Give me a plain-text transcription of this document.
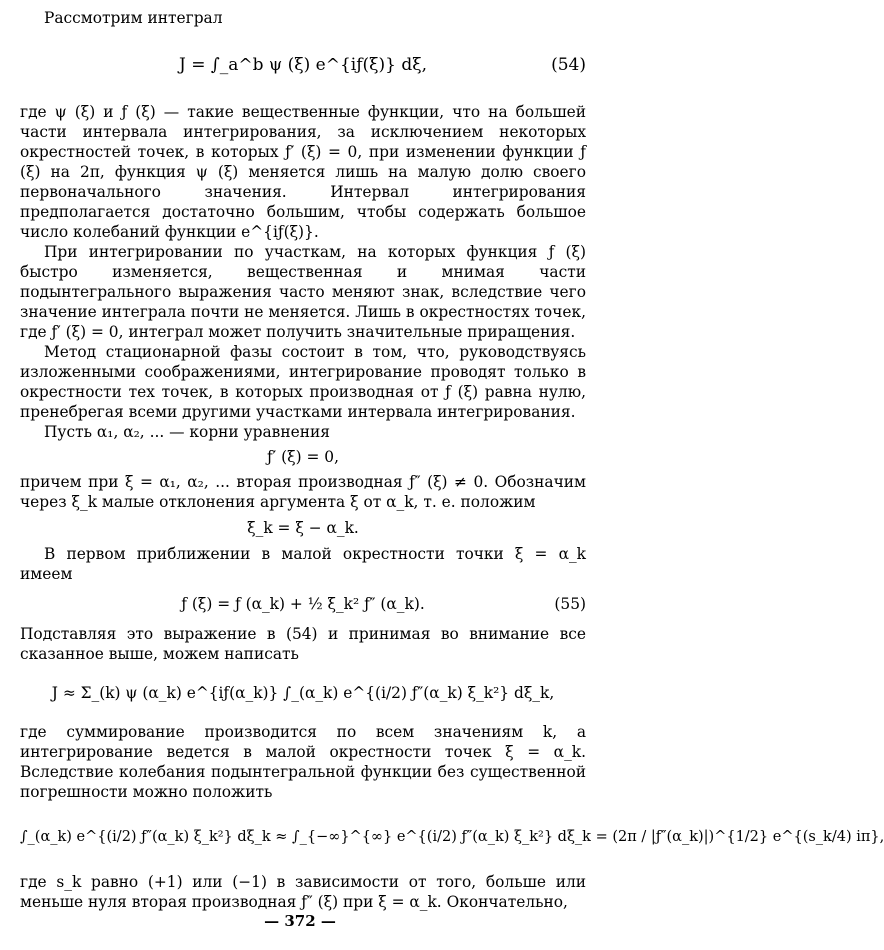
Рассмотрим интеграл

J = ∫_a^b ψ (ξ) e^{iƒ(ξ)} dξ,	(54)

где ψ (ξ) и ƒ (ξ) — такие вещественные функции, что на большей части интервала интегрирования, за исключением некоторых окрестностей точек, в которых ƒ′ (ξ) = 0, при изменении функции ƒ (ξ) на 2π, функция ψ (ξ) меняется лишь на малую долю своего первоначального значения. Интервал интегрирования предполагается достаточно большим, чтобы содержать большое число колебаний функции e^{iƒ(ξ)}.

При интегрировании по участкам, на которых функция ƒ (ξ) быстро изменяется, вещественная и мнимая части подынтегрального выражения часто меняют знак, вследствие чего значение интеграла почти не меняется. Лишь в окрестностях точек, где ƒ′ (ξ) = 0, интеграл может получить значительные приращения.

Метод стационарной фазы состоит в том, что, руководствуясь изложенными соображениями, интегрирование проводят только в окрестности тех точек, в которых производная от ƒ (ξ) равна нулю, пренебрегая всеми другими участками интервала интегрирования.

Пусть α₁, α₂, ... — корни уравнения

ƒ′ (ξ) = 0,

причем при ξ = α₁, α₂, ... вторая производная ƒ″ (ξ) ≠ 0. Обозначим через ξ_k малые отклонения аргумента ξ от α_k, т. е. положим

ξ_k = ξ − α_k.

В первом приближении в малой окрестности точки ξ = α_k имеем

ƒ (ξ) = ƒ (α_k) + ½ ξ_k² ƒ″ (α_k).	(55)

Подставляя это выражение в (54) и принимая во внимание все сказанное выше, можем написать

J ≈ Σ_(k) ψ (α_k) e^{iƒ(α_k)} ∫_(α_k) e^{(i/2) ƒ″(α_k) ξ_k²} dξ_k,

где суммирование производится по всем значениям k, а интегрирование ведется в малой окрестности точек ξ = α_k. Вследствие колебания подынтегральной функции без существенной погрешности можно положить

∫_(α_k) e^{(i/2) ƒ″(α_k) ξ_k²} dξ_k ≈ ∫_{−∞}^{∞} e^{(i/2) ƒ″(α_k) ξ_k²} dξ_k = (2π / |ƒ″(α_k)|)^{1/2} e^{(s_k/4) iπ},

где s_k равно (+1) или (−1) в зависимости от того, больше или меньше нуля вторая производная ƒ″ (ξ) при ξ = α_k. Окончательно,

— 372 —
